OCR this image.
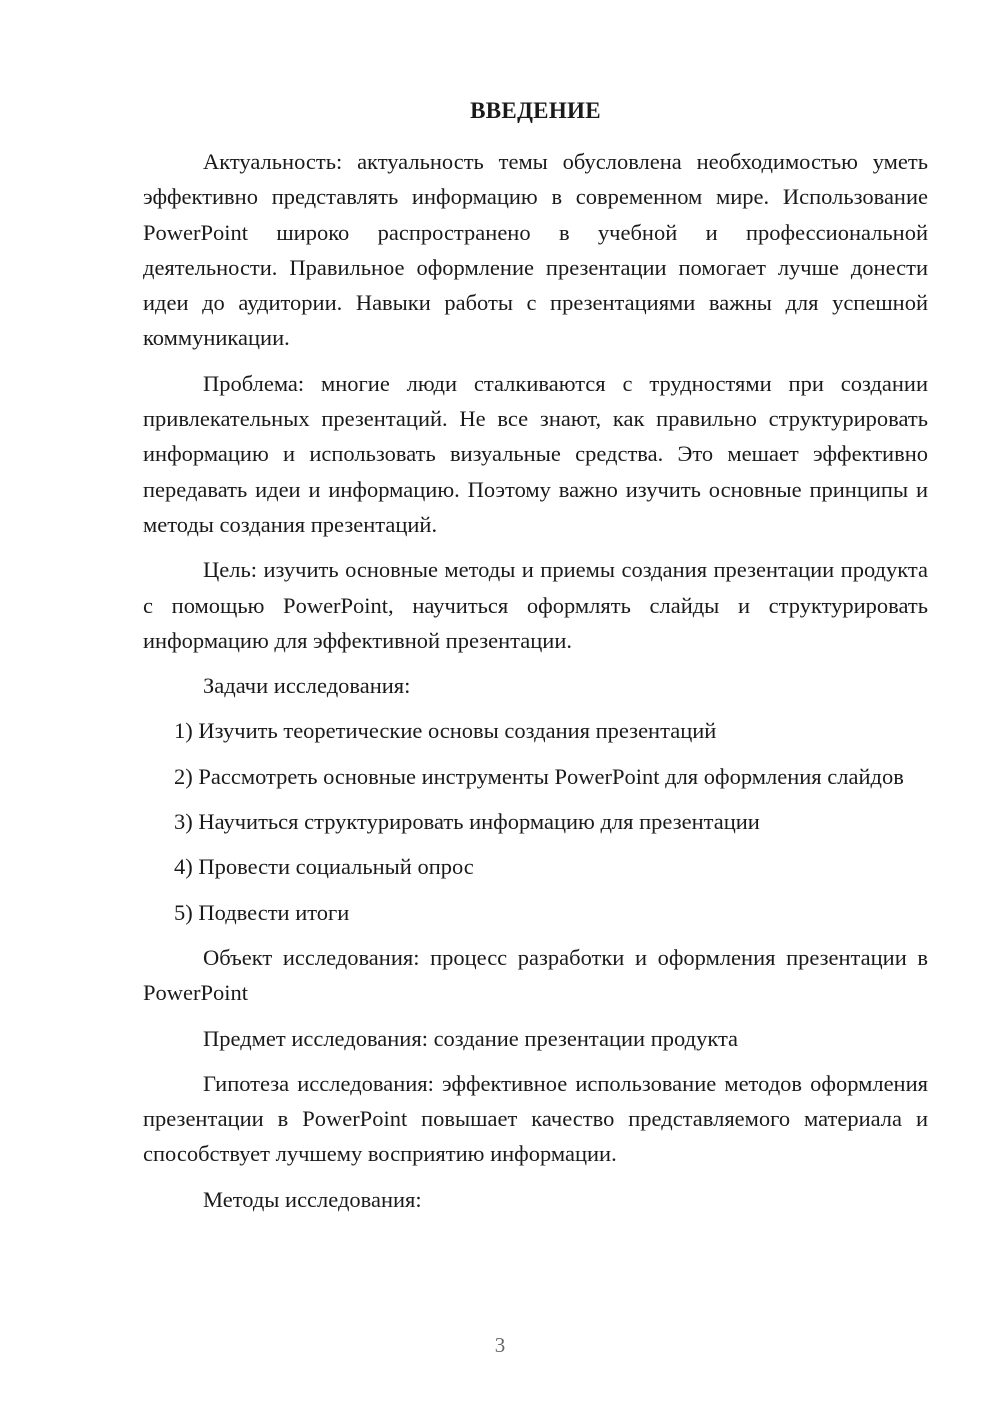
ВВЕДЕНИЕ

Актуальность: актуальность темы обусловлена необходимостью уметь эффективно представлять информацию в современном мире. Использование PowerPoint широко распространено в учебной и профессиональной деятельности. Правильное оформление презентации помогает лучше донести идеи до аудитории. Навыки работы с презентациями важны для успешной коммуникации.

Проблема: многие люди сталкиваются с трудностями при создании привлекательных презентаций. Не все знают, как правильно структурировать информацию и использовать визуальные средства. Это мешает эффективно передавать идеи и информацию. Поэтому важно изучить основные принципы и методы создания презентаций.

Цель: изучить основные методы и приемы создания презентации продукта с помощью PowerPoint, научиться оформлять слайды и структурировать информацию для эффективной презентации.

Задачи исследования:

1) Изучить теоретические основы создания презентаций

2) Рассмотреть основные инструменты PowerPoint для оформления слайдов

3) Научиться структурировать информацию для презентации

4) Провести социальный опрос

5) Подвести итоги

Объект исследования: процесс разработки и оформления презентации в PowerPoint

Предмет исследования: создание презентации продукта

Гипотеза исследования: эффективное использование методов оформления презентации в PowerPoint повышает качество представляемого материала и способствует лучшему восприятию информации.

Методы исследования:

3
